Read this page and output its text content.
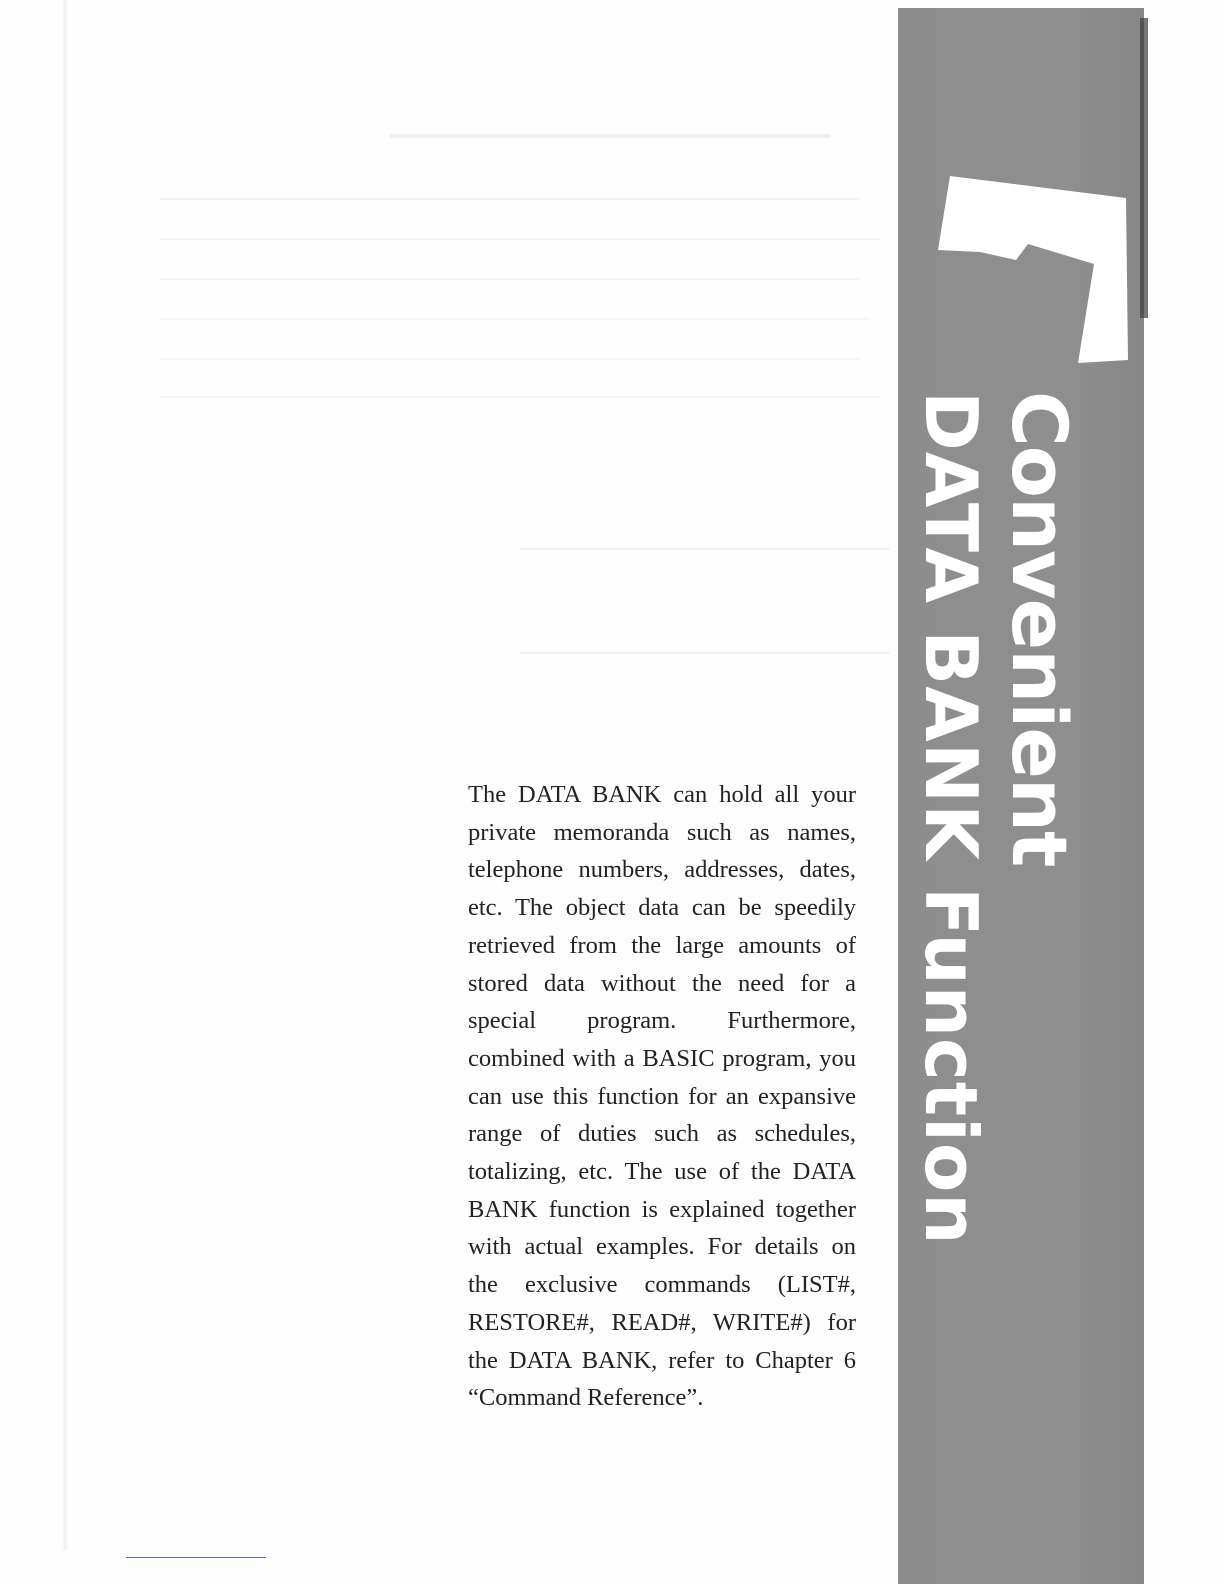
The DATA BANK can hold all your private memoranda such as names, telephone numbers, addresses, dates, etc. The object data can be speedily retrieved from the large amounts of stored data without the need for a special program. Furthermore, combined with a BASIC program, you can use this function for an expansive range of duties such as schedules, totalizing, etc. The use of the DATA BANK function is explained together with actual examples. For details on the exclusive commands (LIST#, RESTORE#, READ#, WRITE#) for the DATA BANK, refer to Chapter 6 “Command Reference”.

Convenient
DATA BANK Function
